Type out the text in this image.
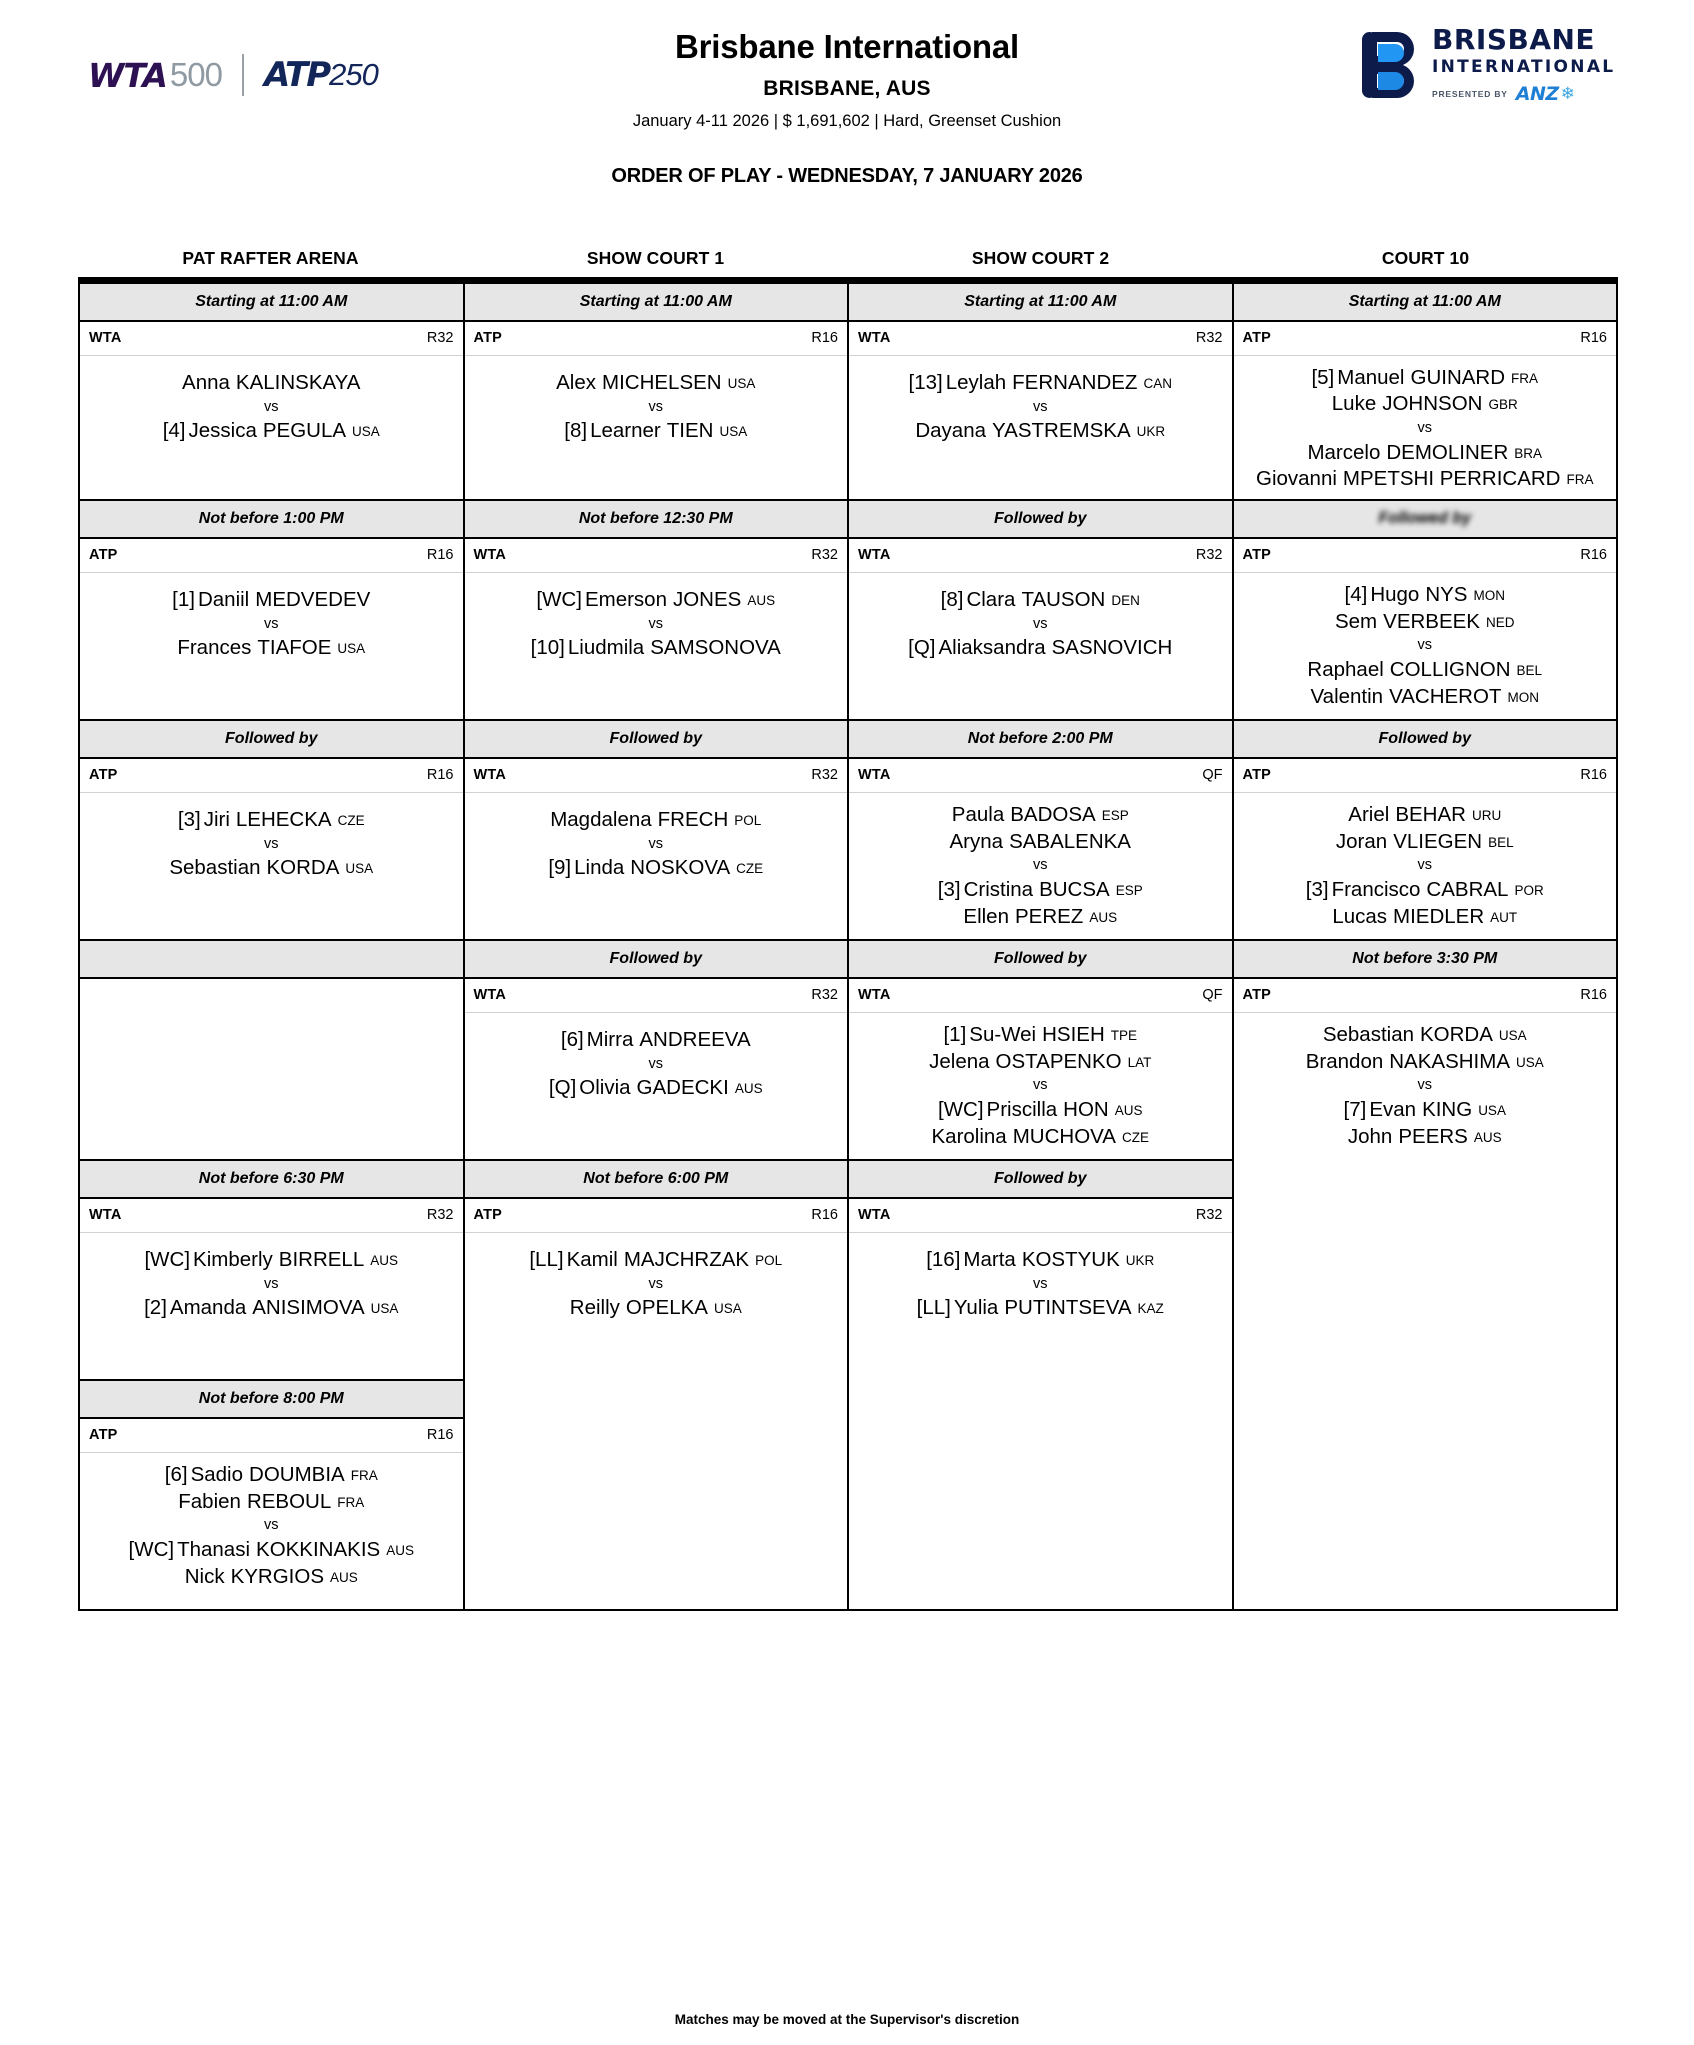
WTA 500 ATP 250
Brisbane International
BRISBANE, AUS
January 4-11 2026 | $ 1,691,602 | Hard, Greenset Cushion
BRISBANE
INTERNATIONAL
PRESENTED BY ANZ ❄
ORDER OF PLAY - WEDNESDAY, 7 JANUARY 2026
PAT RAFTER ARENA	SHOW COURT 1	SHOW COURT 2	COURT 10
Starting at 11:00 AM
WTA	R32
Anna KALINSKAYA
vs
[4] Jessica PEGULA USA
Not before 1:00 PM
ATP	R16
[1] Daniil MEDVEDEV
vs
Frances TIAFOE USA
Followed by
ATP	R16
[3] Jiri LEHECKA CZE
vs
Sebastian KORDA USA

Not before 6:30 PM
WTA	R32
[WC] Kimberly BIRRELL AUS
vs
[2] Amanda ANISIMOVA USA
Not before 8:00 PM
ATP	R16
[6] Sadio DOUMBIA FRA
Fabien REBOUL FRA
vs
[WC] Thanasi KOKKINAKIS AUS
Nick KYRGIOS AUS
Starting at 11:00 AM
ATP	R16
Alex MICHELSEN USA
vs
[8] Learner TIEN USA
Not before 12:30 PM
WTA	R32
[WC] Emerson JONES AUS
vs
[10] Liudmila SAMSONOVA
Followed by
WTA	R32
Magdalena FRECH POL
vs
[9] Linda NOSKOVA CZE
Followed by
WTA	R32
[6] Mirra ANDREEVA
vs
[Q] Olivia GADECKI AUS
Not before 6:00 PM
ATP	R16
[LL] Kamil MAJCHRZAK POL
vs
Reilly OPELKA USA
Starting at 11:00 AM
WTA	R32
[13] Leylah FERNANDEZ CAN
vs
Dayana YASTREMSKA UKR
Followed by
WTA	R32
[8] Clara TAUSON DEN
vs
[Q] Aliaksandra SASNOVICH
Not before 2:00 PM
WTA	QF
Paula BADOSA ESP
Aryna SABALENKA
vs
[3] Cristina BUCSA ESP
Ellen PEREZ AUS
Followed by
WTA	QF
[1] Su-Wei HSIEH TPE
Jelena OSTAPENKO LAT
vs
[WC] Priscilla HON AUS
Karolina MUCHOVA CZE
Followed by
WTA	R32
[16] Marta KOSTYUK UKR
vs
[LL] Yulia PUTINTSEVA KAZ
Starting at 11:00 AM
ATP	R16
[5] Manuel GUINARD FRA
Luke JOHNSON GBR
vs
Marcelo DEMOLINER BRA
Giovanni MPETSHI PERRICARD FRA
Followed by
ATP	R16
[4] Hugo NYS MON
Sem VERBEEK NED
vs
Raphael COLLIGNON BEL
Valentin VACHEROT MON
Followed by
ATP	R16
Ariel BEHAR URU
Joran VLIEGEN BEL
vs
[3] Francisco CABRAL POR
Lucas MIEDLER AUT
Not before 3:30 PM
ATP	R16
Sebastian KORDA USA
Brandon NAKASHIMA USA
vs
[7] Evan KING USA
John PEERS AUS
Matches may be moved at the Supervisor's discretion
